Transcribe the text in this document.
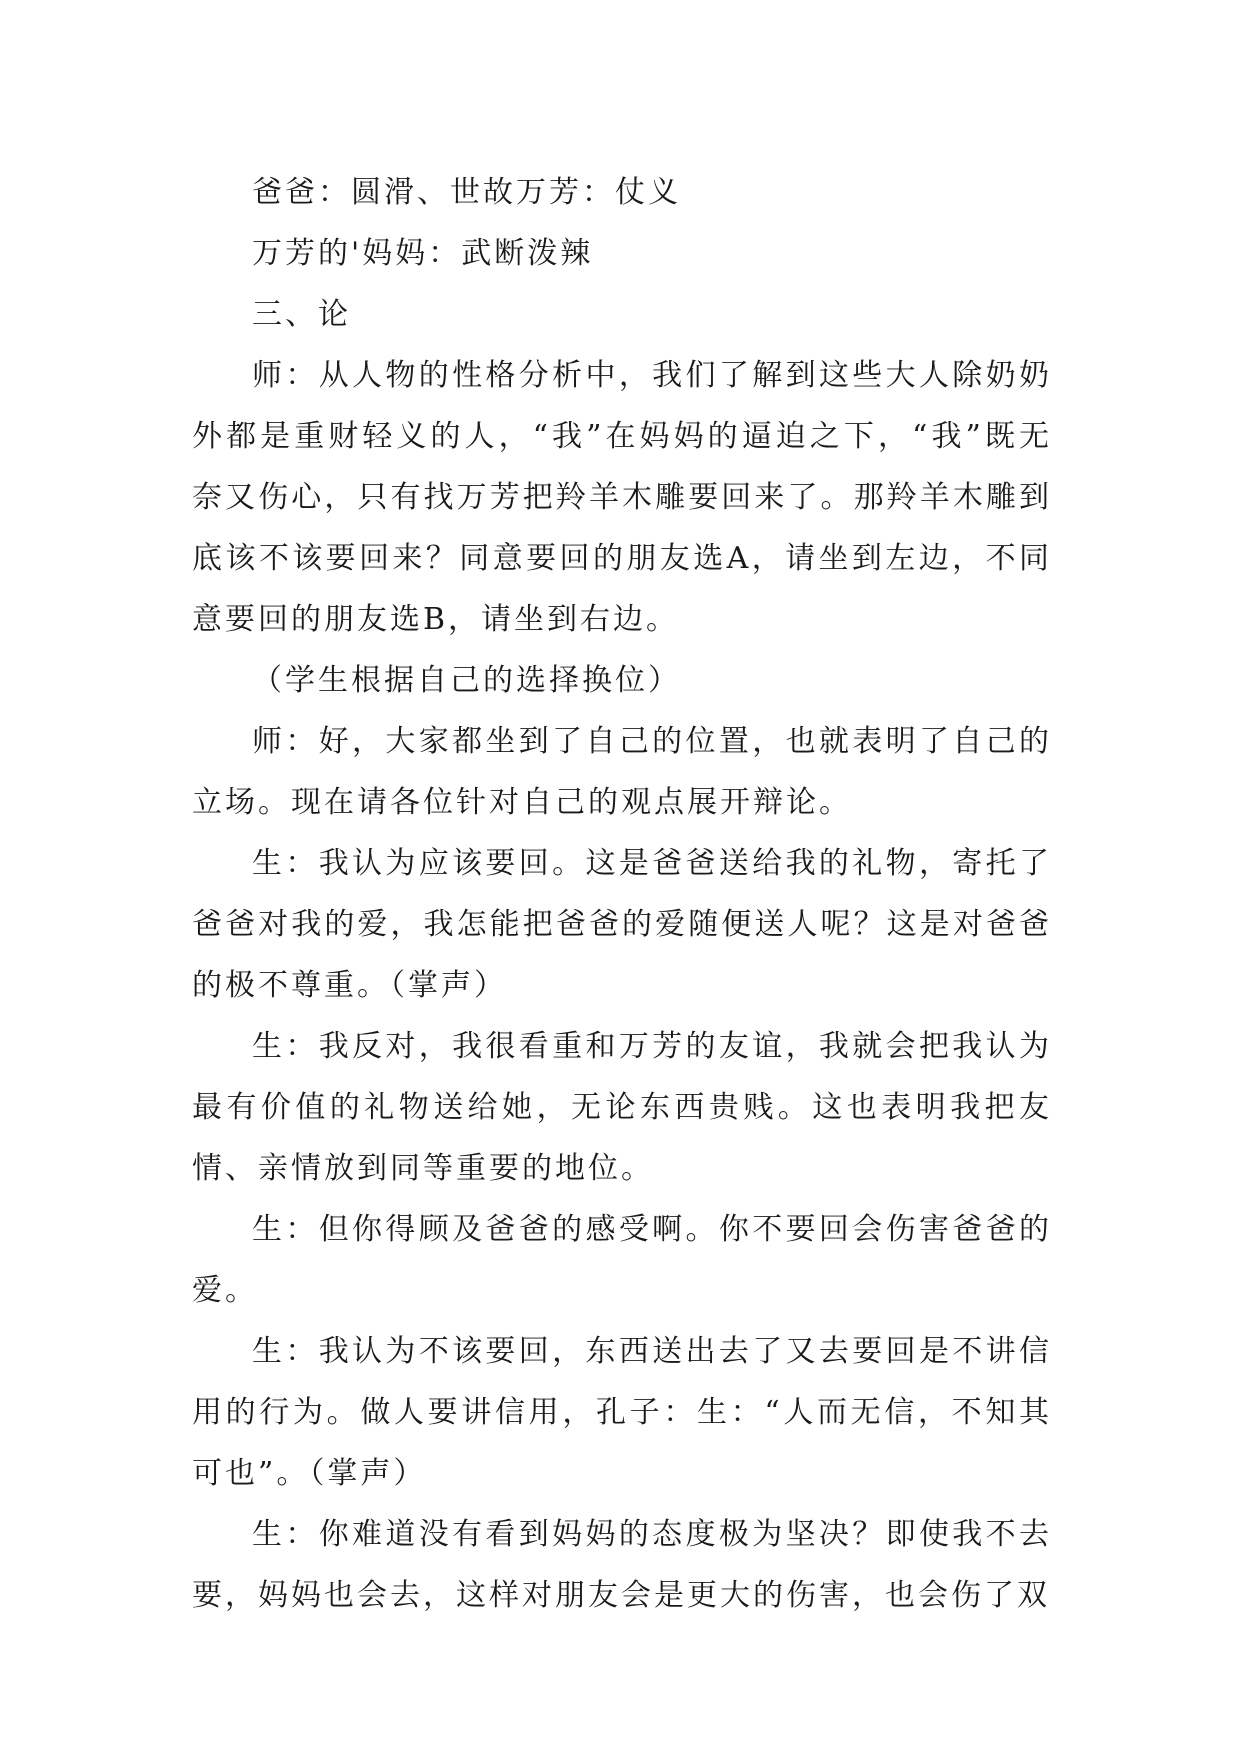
爸爸：圆滑、世故万芳：仗义

万芳的'妈妈：武断泼辣

三、论

师：从人物的性格分析中，我们了解到这些大人除奶奶外都是重财轻义的人，“我”在妈妈的逼迫之下，“我”既无奈又伤心，只有找万芳把羚羊木雕要回来了。那羚羊木雕到底该不该要回来？同意要回的朋友选A，请坐到左边，不同意要回的朋友选B，请坐到右边。

（学生根据自己的选择换位）

师：好，大家都坐到了自己的位置，也就表明了自己的立场。现在请各位针对自己的观点展开辩论。

生：我认为应该要回。这是爸爸送给我的礼物，寄托了爸爸对我的爱，我怎能把爸爸的爱随便送人呢？这是对爸爸的极不尊重。（掌声）

生：我反对，我很看重和万芳的友谊，我就会把我认为最有价值的礼物送给她，无论东西贵贱。这也表明我把友情、亲情放到同等重要的地位。

生：但你得顾及爸爸的感受啊。你不要回会伤害爸爸的爱。

生：我认为不该要回，东西送出去了又去要回是不讲信用的行为。做人要讲信用，孔子：生：“人而无信，不知其可也”。（掌声）

生：你难道没有看到妈妈的态度极为坚决？即使我不去要，妈妈也会去，这样对朋友会是更大的伤害，也会伤了双
